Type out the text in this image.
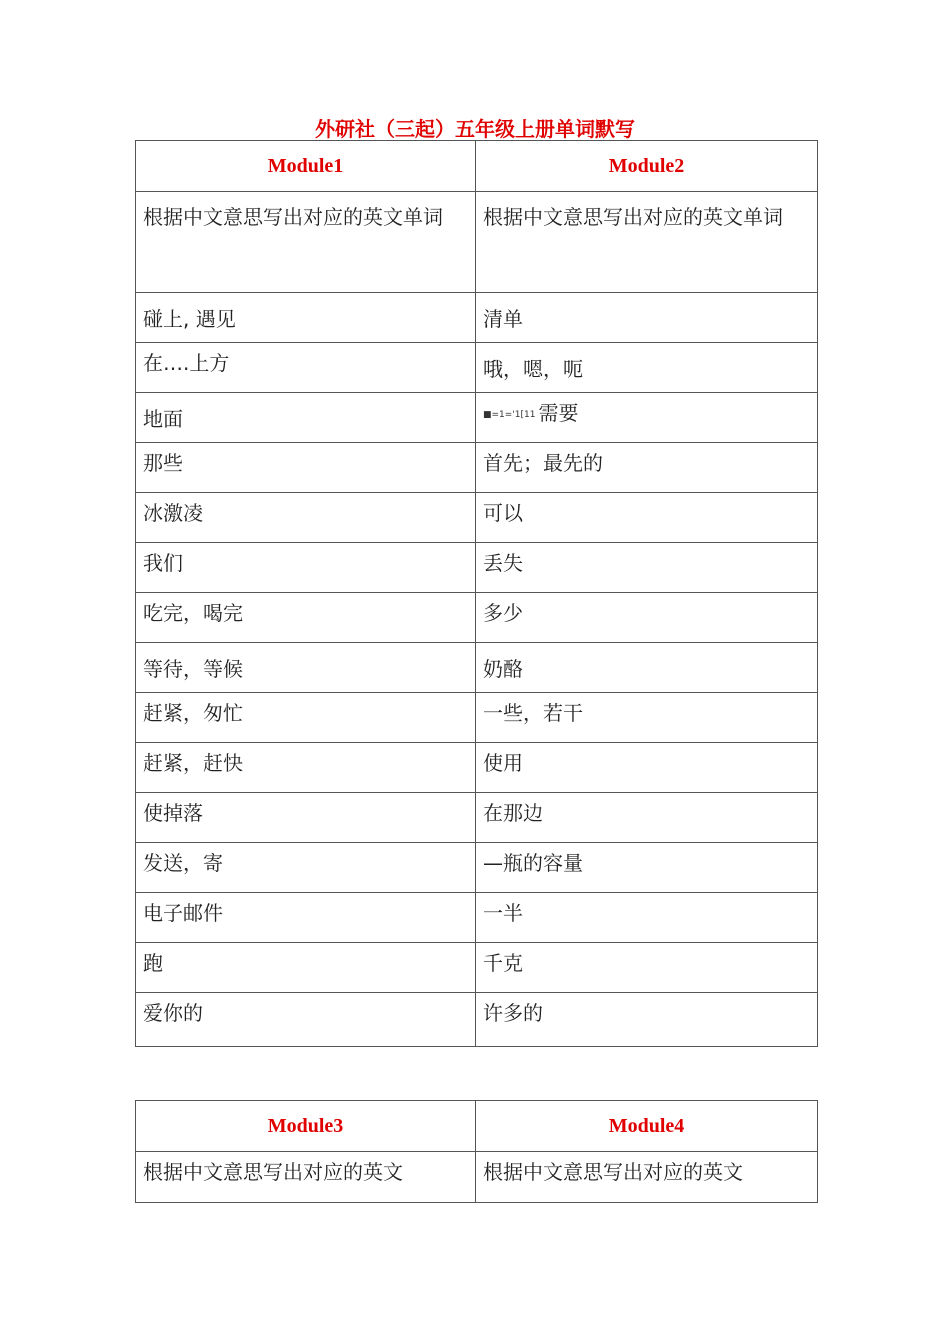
外研社（三起）五年级上册单词默写
Module1	Module2
根据中文意思写出对应的英文单词	根据中文意思写出对应的英文单词
碰上, 遇见	清单
在….上方	哦，嗯，呃
地面	■=1='1[11 需要
那些	首先；最先的
冰激凌	可以
我们	丢失
吃完，喝完	多少
等待，等候	奶酪
赶紧，匆忙	一些，若干
赶紧，赶快	使用
使掉落	在那边
发送，寄	—瓶的容量
电子邮件	一半
跑	千克
爱你的	许多的
Module3	Module4
根据中文意思写出对应的英文	根据中文意思写出对应的英文
